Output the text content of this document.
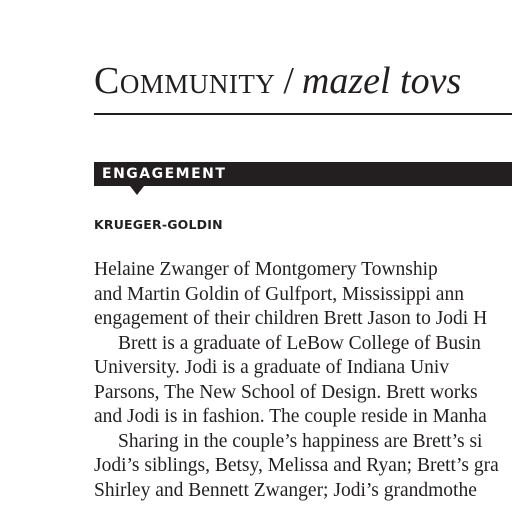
Community / mazel tovs
ENGAGEMENT
KRUEGER-GOLDIN
Helaine Zwanger of Montgomery Township
and Martin Goldin of Gulfport, Mississippi ann
engagement of their children Brett Jason to Jodi H
Brett is a graduate of LeBow College of Busin
University. Jodi is a graduate of Indiana Univ
Parsons, The New School of Design. Brett works
and Jodi is in fashion. The couple reside in Manha
Sharing in the couple’s happiness are Brett’s si
Jodi’s siblings, Betsy, Melissa and Ryan; Brett’s gra
Shirley and Bennett Zwanger; Jodi’s grandmothe
